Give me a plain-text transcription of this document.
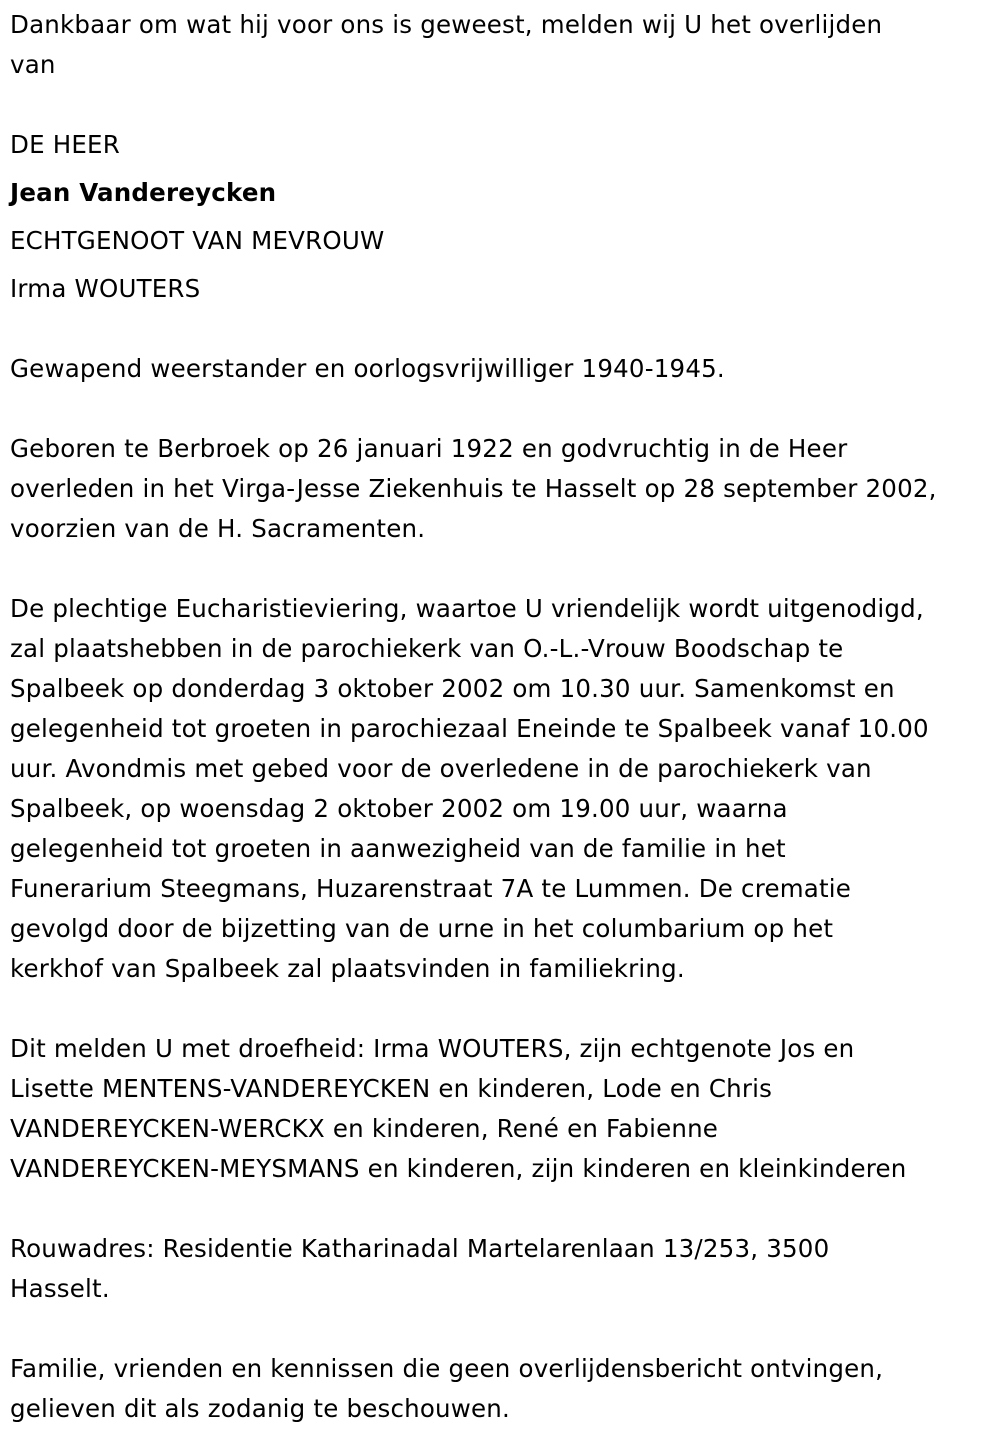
Dankbaar om wat hij voor ons is geweest, melden wij U het overlijden
van
DE HEER
Jean Vandereycken
ECHTGENOOT VAN MEVROUW
Irma WOUTERS
Gewapend weerstander en oorlogsvrijwilliger 1940-1945.
Geboren te Berbroek op 26 januari 1922 en godvruchtig in de Heer
overleden in het Virga-Jesse Ziekenhuis te Hasselt op 28 september 2002,
voorzien van de H. Sacramenten.
De plechtige Eucharistieviering, waartoe U vriendelijk wordt uitgenodigd,
zal plaatshebben in de parochiekerk van O.-L.-Vrouw Boodschap te
Spalbeek op donderdag 3 oktober 2002 om 10.30 uur. Samenkomst en
gelegenheid tot groeten in parochiezaal Eneinde te Spalbeek vanaf 10.00
uur. Avondmis met gebed voor de overledene in de parochiekerk van
Spalbeek, op woensdag 2 oktober 2002 om 19.00 uur, waarna
gelegenheid tot groeten in aanwezigheid van de familie in het
Funerarium Steegmans, Huzarenstraat 7A te Lummen. De crematie
gevolgd door de bijzetting van de urne in het columbarium op het
kerkhof van Spalbeek zal plaatsvinden in familiekring.
Dit melden U met droefheid: Irma WOUTERS, zijn echtgenote Jos en
Lisette MENTENS-VANDEREYCKEN en kinderen, Lode en Chris
VANDEREYCKEN-WERCKX en kinderen, René en Fabienne
VANDEREYCKEN-MEYSMANS en kinderen, zijn kinderen en kleinkinderen
Rouwadres: Residentie Katharinadal Martelarenlaan 13/253, 3500
Hasselt.
Familie, vrienden en kennissen die geen overlijdensbericht ontvingen,
gelieven dit als zodanig te beschouwen.
